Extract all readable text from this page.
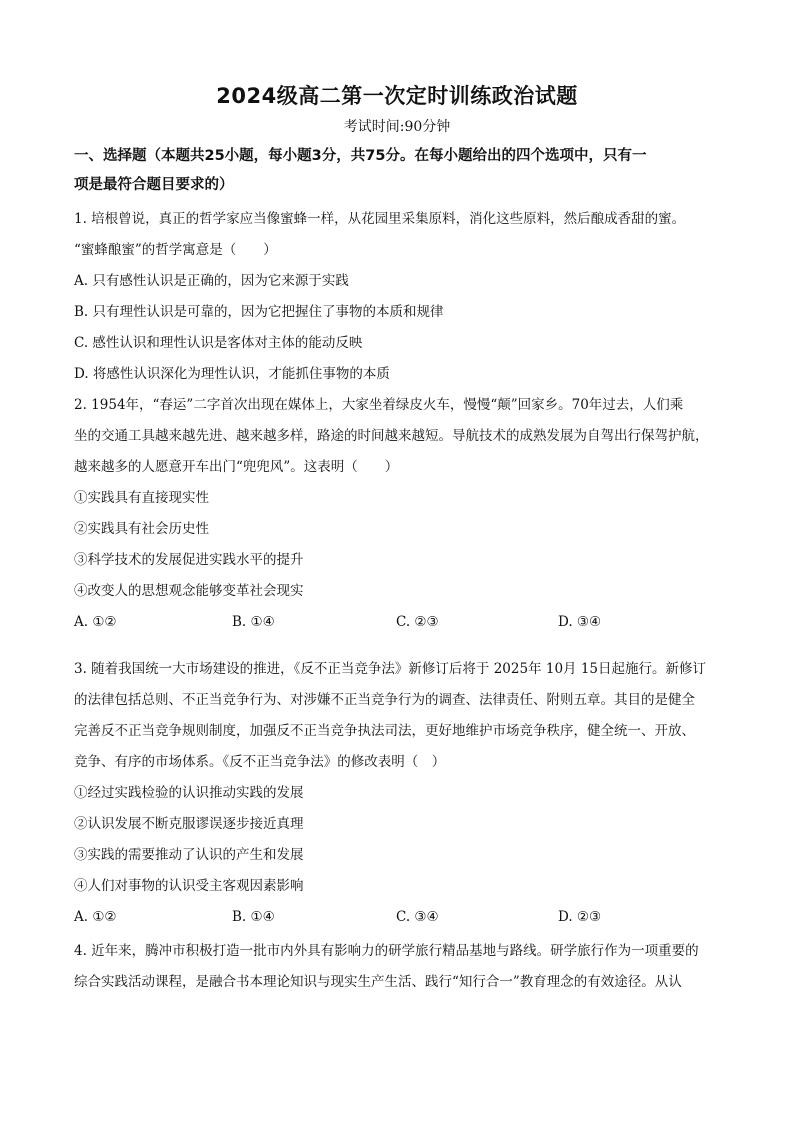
2024级高二第一次定时训练政治试题
考试时间:90分钟
一、选择题（本题共25小题，每小题3分，共75分。在每小题给出的四个选项中，只有一
项是最符合题目要求的）
1. 培根曾说，真正的哲学家应当像蜜蜂一样，从花园里采集原料，消化这些原料，然后酿成香甜的蜜。
“蜜蜂酿蜜”的哲学寓意是（　　）
A. 只有感性认识是正确的，因为它来源于实践
B. 只有理性认识是可靠的，因为它把握住了事物的本质和规律
C. 感性认识和理性认识是客体对主体的能动反映
D. 将感性认识深化为理性认识，才能抓住事物的本质
2. 1954年，“春运”二字首次出现在媒体上，大家坐着绿皮火车，慢慢“颠”回家乡。70年过去，人们乘
坐的交通工具越来越先进、越来越多样，路途的时间越来越短。导航技术的成熟发展为自驾出行保驾护航，
越来越多的人愿意开车出门“兜兜风”。这表明（　　）
①实践具有直接现实性
②实践具有社会历史性
③科学技术的发展促进实践水平的提升
④改变人的思想观念能够变革社会现实
A. ①②	B. ①④	C. ②③	D. ③④
3. 随着我国统一大市场建设的推进，《反不正当竞争法》新修订后将于 2025年 10月 15日起施行。新修订
的法律包括总则、不正当竞争行为、对涉嫌不正当竞争行为的调查、法律责任、附则五章。其目的是健全
完善反不正当竞争规则制度，加强反不正当竞争执法司法，更好地维护市场竞争秩序，健全统一、开放、
竞争、有序的市场体系。《反不正当竞争法》的修改表明（　）
①经过实践检验的认识推动实践的发展
②认识发展不断克服谬误逐步接近真理
③实践的需要推动了认识的产生和发展
④人们对事物的认识受主客观因素影响
A. ①②	B. ①④	C. ③④	D. ②③
4. 近年来，腾冲市积极打造一批市内外具有影响力的研学旅行精品基地与路线。研学旅行作为一项重要的
综合实践活动课程，是融合书本理论知识与现实生产生活、践行“知行合一”教育理念的有效途径。从认
